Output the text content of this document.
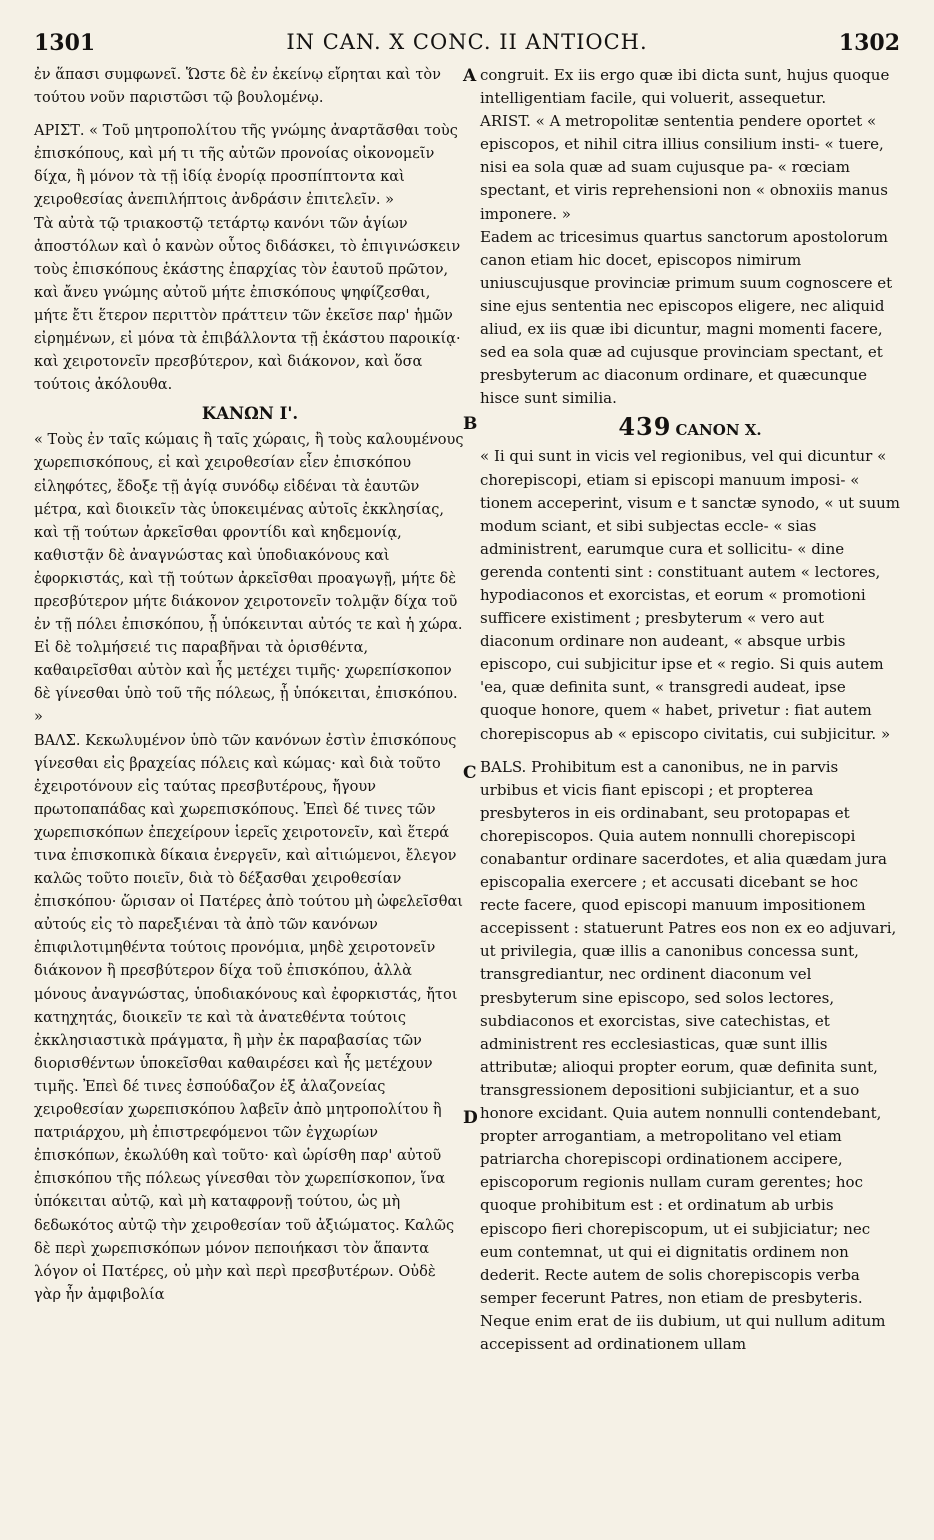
1301	IN CAN. X CONC. II ANTIOCH.	1302
A
B
C
D

ἐν ἅπασι συμφωνεῖ. Ὥστε δὲ ἐν ἐκείνῳ εἴρηται καὶ τὸν τούτου νοῦν παριστῶσι τῷ βουλομένῳ.

ΑΡΙΣΤ. « Τοῦ μητροπολίτου τῆς γνώμης ἀναρτᾶσθαι τοὺς ἐπισκόπους, καὶ μή τι τῆς αὐτῶν προνοίας οἰκονομεῖν δίχα, ἢ μόνον τὰ τῇ ἰδίᾳ ἐνορίᾳ προσπίπτοντα καὶ χειροθεσίας ἀνεπιλήπτοις ἀνδράσιν ἐπιτελεῖν. »

Τὰ αὐτὰ τῷ τριακοστῷ τετάρτῳ κανόνι τῶν ἁγίων ἀποστόλων καὶ ὁ κανὼν οὗτος διδάσκει, τὸ ἐπιγινώσκειν τοὺς ἐπισκόπους ἑκάστης ἐπαρχίας τὸν ἑαυτοῦ πρῶτον, καὶ ἄνευ γνώμης αὐτοῦ μήτε ἐπισκόπους ψηφίζεσθαι, μήτε ἔτι ἕτερον περιττὸν πράττειν τῶν ἐκεῖσε παρ' ἡμῶν εἰρημένων, εἰ μόνα τὰ ἐπιβάλλοντα τῇ ἑκάστου παροικίᾳ· καὶ χειροτονεῖν πρεσβύτερον, καὶ διάκονον, καὶ ὅσα τούτοις ἀκόλουθα.

ΚΑΝΩΝ Ι'.

« Τοὺς ἐν ταῖς κώμαις ἢ ταῖς χώραις, ἢ τοὺς καλουμένους χωρεπισκόπους, εἰ καὶ χειροθεσίαν εἶεν ἐπισκόπου εἰληφότες, ἔδοξε τῇ ἁγίᾳ συνόδῳ εἰδέναι τὰ ἑαυτῶν μέτρα, καὶ διοικεῖν τὰς ὑποκειμένας αὐτοῖς ἐκκλησίας, καὶ τῇ τούτων ἀρκεῖσθαι φροντίδι καὶ κηδεμονίᾳ, καθιστᾷν δὲ ἀναγνώστας καὶ ὑποδιακόνους καὶ ἐφορκιστάς, καὶ τῇ τούτων ἀρκεῖσθαι προαγωγῇ, μήτε δὲ πρεσβύτερον μήτε διάκονον χειροτονεῖν τολμᾷν δίχα τοῦ ἐν τῇ πόλει ἐπισκόπου, ᾗ ὑπόκεινται αὐτός τε καὶ ἡ χώρα. Εἰ δὲ τολμήσειέ τις παραβῆναι τὰ ὁρισθέντα, καθαιρεῖσθαι αὐτὸν καὶ ἧς μετέχει τιμῆς· χωρεπίσκοπον δὲ γίνεσθαι ὑπὸ τοῦ τῆς πόλεως, ᾗ ὑπόκειται, ἐπισκόπου. »

ΒΑΛΣ. Κεκωλυμένον ὑπὸ τῶν κανόνων ἐστὶν ἐπισκόπους γίνεσθαι εἰς βραχείας πόλεις καὶ κώμας· καὶ διὰ τοῦτο ἐχειροτόνουν εἰς ταύτας πρεσβυτέρους, ἤγουν πρωτοπαπάδας καὶ χωρεπισκόπους. Ἐπεὶ δέ τινες τῶν χωρεπισκόπων ἐπεχείρουν ἱερεῖς χειροτονεῖν, καὶ ἕτερά τινα ἐπισκοπικὰ δίκαια ἐνεργεῖν, καὶ αἰτιώμενοι, ἔλεγον καλῶς τοῦτο ποιεῖν, διὰ τὸ δέξασθαι χειροθεσίαν ἐπισκόπου· ὥρισαν οἱ Πατέρες ἀπὸ τούτου μὴ ὠφελεῖσθαι αὐτούς εἰς τὸ παρεξιέναι τὰ ἀπὸ τῶν κανόνων ἐπιφιλοτιμηθέντα τούτοις προνόμια, μηδὲ χειροτονεῖν διάκονον ἢ πρεσβύτερον δίχα τοῦ ἐπισκόπου, ἀλλὰ μόνους ἀναγνώστας, ὑποδιακόνους καὶ ἐφορκιστάς, ἤτοι κατηχητάς, διοικεῖν τε καὶ τὰ ἀνατεθέντα τούτοις ἐκκλησιαστικὰ πράγματα, ἢ μὴν ἐκ παραβασίας τῶν διορισθέντων ὑποκεῖσθαι καθαιρέσει καὶ ἧς μετέχουν τιμῆς. Ἐπεὶ δέ τινες ἐσπούδαζον ἐξ ἀλαζονείας χειροθεσίαν χωρεπισκόπου λαβεῖν ἀπὸ μητροπολίτου ἢ πατριάρχου, μὴ ἐπιστρεφόμενοι τῶν ἐγχωρίων ἐπισκόπων, ἐκωλύθη καὶ τοῦτο· καὶ ὡρίσθη παρ' αὐτοῦ ἐπισκόπου τῆς πόλεως γίνεσθαι τὸν χωρεπίσκοπον, ἵνα ὑπόκειται αὐτῷ, καὶ μὴ καταφρονῇ τούτου, ὡς μὴ δεδωκότος αὐτῷ τὴν χειροθεσίαν τοῦ ἀξιώματος. Καλῶς δὲ περὶ χωρεπισκόπων μόνον πεποιήκασι τὸν ἅπαντα λόγον οἱ Πατέρες, οὐ μὴν καὶ περὶ πρεσβυτέρων. Οὐδὲ γὰρ ἦν ἀμφιβολία

congruit. Ex iis ergo quæ ibi dicta sunt, hujus quoque intelligentiam facile, qui voluerit, assequetur.

ARIST. « A metropolitæ sententia pendere oportet « episcopos, et nihil citra illius consilium insti- « tuere, nisi ea sola quæ ad suam cujusque pa- « rœciam spectant, et viris reprehensioni non « obnoxiis manus imponere. »

Eadem ac tricesimus quartus sanctorum apostolorum canon etiam hic docet, episcopos nimirum uniuscujusque provinciæ primum suum cognoscere et sine ejus sententia nec episcopos eligere, nec aliquid aliud, ex iis quæ ibi dicuntur, magni momenti facere, sed ea sola quæ ad cujusque provinciam spectant, et presbyterum ac diaconum ordinare, et quæcunque hisce sunt similia.

439 CANON X.

« Ii qui sunt in vicis vel regionibus, vel qui dicuntur « chorepiscopi, etiam si episcopi manuum imposi- « tionem acceperint, visum e t sanctæ synodo, « ut suum modum sciant, et sibi subjectas eccle- « sias administrent, earumque cura et sollicitu- « dine gerenda contenti sint : constituant autem « lectores, hypodiaconos et exorcistas, et eorum « promotioni sufficere existiment ; presbyterum « vero aut diaconum ordinare non audeant, « absque urbis episcopo, cui subjicitur ipse et « regio. Si quis autem 'ea, quæ definita sunt, « transgredi audeat, ipse quoque honore, quem « habet, privetur : fiat autem chorepiscopus ab « episcopo civitatis, cui subjicitur. »

BALS. Prohibitum est a canonibus, ne in parvis urbibus et vicis fiant episcopi ; et propterea presbyteros in eis ordinabant, seu protopapas et chorepiscopos. Quia autem nonnulli chorepiscopi conabantur ordinare sacerdotes, et alia quædam jura episcopalia exercere ; et accusati dicebant se hoc recte facere, quod episcopi manuum impositionem accepissent : statuerunt Patres eos non ex eo adjuvari, ut privilegia, quæ illis a canonibus concessa sunt, transgrediantur, nec ordinent diaconum vel presbyterum sine episcopo, sed solos lectores, subdiaconos et exorcistas, sive catechistas, et administrent res ecclesiasticas, quæ sunt illis attributæ; alioqui propter eorum, quæ definita sunt, transgressionem depositioni subjiciantur, et a suo honore excidant. Quia autem nonnulli contendebant, propter arrogantiam, a metropolitano vel etiam patriarcha chorepiscopi ordinationem accipere, episcoporum regionis nullam curam gerentes; hoc quoque prohibitum est : et ordinatum ab urbis episcopo fieri chorepiscopum, ut ei subjiciatur; nec eum contemnat, ut qui ei dignitatis ordinem non dederit. Recte autem de solis chorepiscopis verba semper fecerunt Patres, non etiam de presbyteris. Neque enim erat de iis dubium, ut qui nullum aditum accepissent ad ordinationem ullam
